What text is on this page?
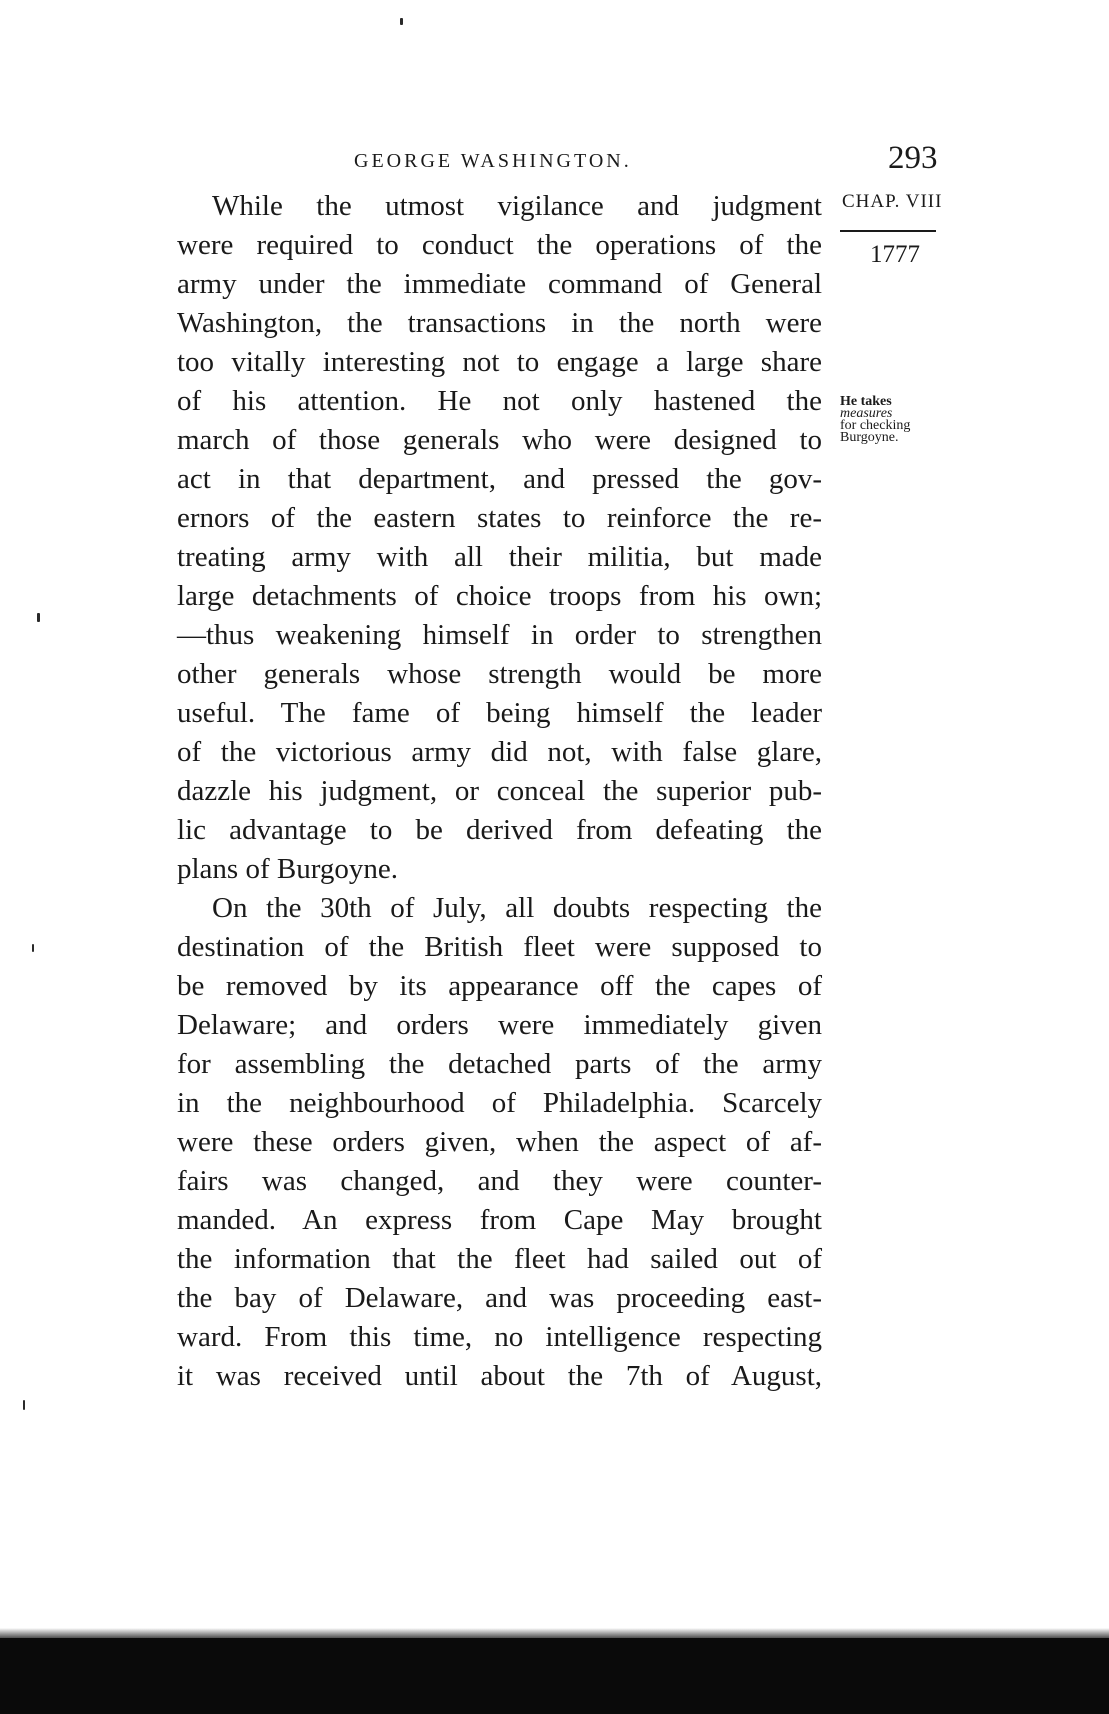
GEORGE WASHINGTON.	293
CHAP. VIII
1777
He takes
measures
for checking
Burgoyne.
While the utmost vigilance and judgment
were required to conduct the operations of the
army under the immediate command of General
Washington, the transactions in the north were
too vitally interesting not to engage a large share
of his attention. He not only hastened the
march of those generals who were designed to
act in that department, and pressed the gov-
ernors of the eastern states to reinforce the re-
treating army with all their militia, but made
large detachments of choice troops from his own;
—thus weakening himself in order to strengthen
other generals whose strength would be more
useful. The fame of being himself the leader
of the victorious army did not, with false glare,
dazzle his judgment, or conceal the superior pub-
lic advantage to be derived from defeating the
plans of Burgoyne.
On the 30th of July, all doubts respecting the
destination of the British fleet were supposed to
be removed by its appearance off the capes of
Delaware; and orders were immediately given
for assembling the detached parts of the army
in the neighbourhood of Philadelphia. Scarcely
were these orders given, when the aspect of af-
fairs was changed, and they were counter-
manded. An express from Cape May brought
the information that the fleet had sailed out of
the bay of Delaware, and was proceeding east-
ward. From this time, no intelligence respecting
it was received until about the 7th of August,
